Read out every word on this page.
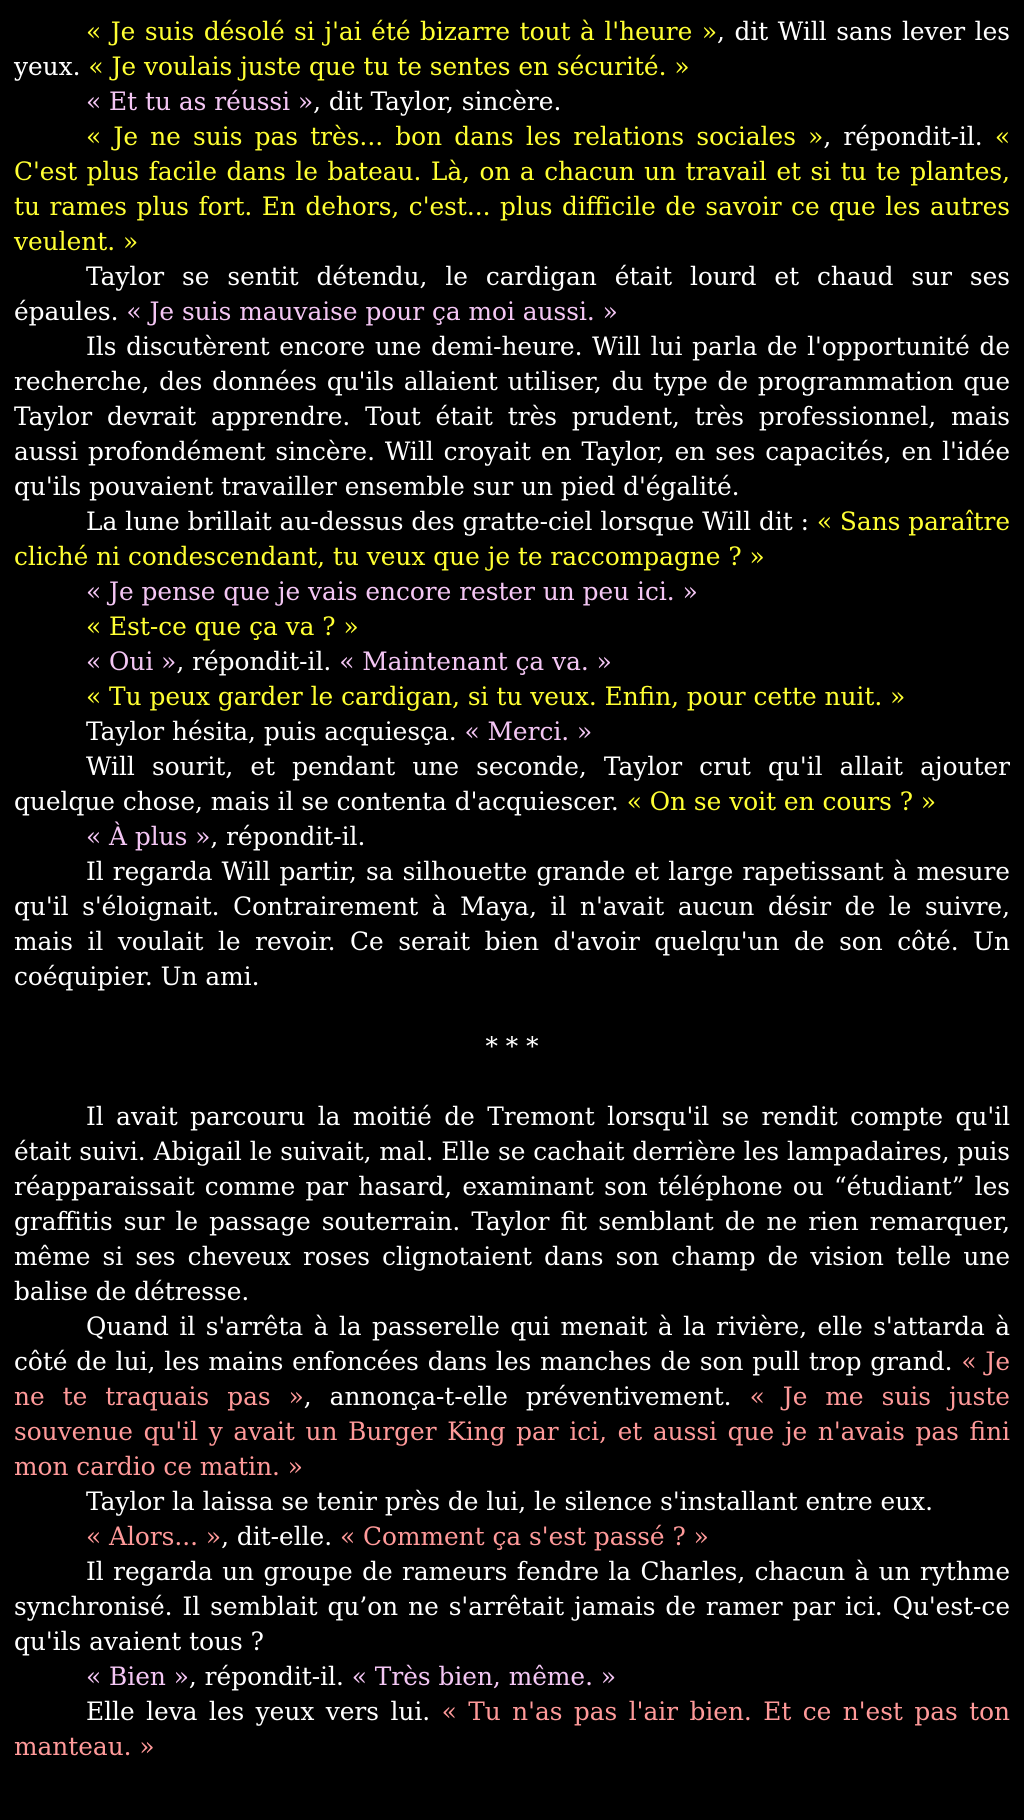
« Je suis désolé si j'ai été bizarre tout à l'heure », dit Will sans lever les yeux. « Je voulais juste que tu te sentes en sécurité. »

« Et tu as réussi », dit Taylor, sincère.

« Je ne suis pas très... bon dans les relations sociales », répondit-il. « C'est plus facile dans le bateau. Là, on a chacun un travail et si tu te plantes, tu rames plus fort. En dehors, c'est... plus difficile de savoir ce que les autres veulent. »

Taylor se sentit détendu, le cardigan était lourd et chaud sur ses épaules. « Je suis mauvaise pour ça moi aussi. »

Ils discutèrent encore une demi-heure. Will lui parla de l'opportunité de recherche, des données qu'ils allaient utiliser, du type de programmation que Taylor devrait apprendre. Tout était très prudent, très professionnel, mais aussi profondément sincère. Will croyait en Taylor, en ses capacités, en l'idée qu'ils pouvaient travailler ensemble sur un pied d'égalité.

La lune brillait au-dessus des gratte-ciel lorsque Will dit : « Sans paraître cliché ni condescendant, tu veux que je te raccompagne ? »

« Je pense que je vais encore rester un peu ici. »

« Est-ce que ça va ? »

« Oui », répondit-il. « Maintenant ça va. »

« Tu peux garder le cardigan, si tu veux. Enfin, pour cette nuit. »

Taylor hésita, puis acquiesça. « Merci. »

Will sourit, et pendant une seconde, Taylor crut qu'il allait ajouter quelque chose, mais il se contenta d'acquiescer. « On se voit en cours ? »

« À plus », répondit-il.

Il regarda Will partir, sa silhouette grande et large rapetissant à mesure qu'il s'éloignait. Contrairement à Maya, il n'avait aucun désir de le suivre, mais il voulait le revoir. Ce serait bien d'avoir quelqu'un de son côté. Un coéquipier. Un ami.

* * *

Il avait parcouru la moitié de Tremont lorsqu'il se rendit compte qu'il était suivi. Abigail le suivait, mal. Elle se cachait derrière les lampadaires, puis réapparaissait comme par hasard, examinant son téléphone ou “étudiant” les graffitis sur le passage souterrain. Taylor fit semblant de ne rien remarquer, même si ses cheveux roses clignotaient dans son champ de vision telle une balise de détresse.

Quand il s'arrêta à la passerelle qui menait à la rivière, elle s'attarda à côté de lui, les mains enfoncées dans les manches de son pull trop grand. « Je ne te traquais pas », annonça-t-elle préventivement. « Je me suis juste souvenue qu'il y avait un Burger King par ici, et aussi que je n'avais pas fini mon cardio ce matin. »

Taylor la laissa se tenir près de lui, le silence s'installant entre eux.

« Alors... », dit-elle. « Comment ça s'est passé ? »

Il regarda un groupe de rameurs fendre la Charles, chacun à un rythme synchronisé. Il semblait qu’on ne s'arrêtait jamais de ramer par ici. Qu'est-ce qu'ils avaient tous ?

« Bien », répondit-il. « Très bien, même. »

Elle leva les yeux vers lui. « Tu n'as pas l'air bien. Et ce n'est pas ton manteau. »
